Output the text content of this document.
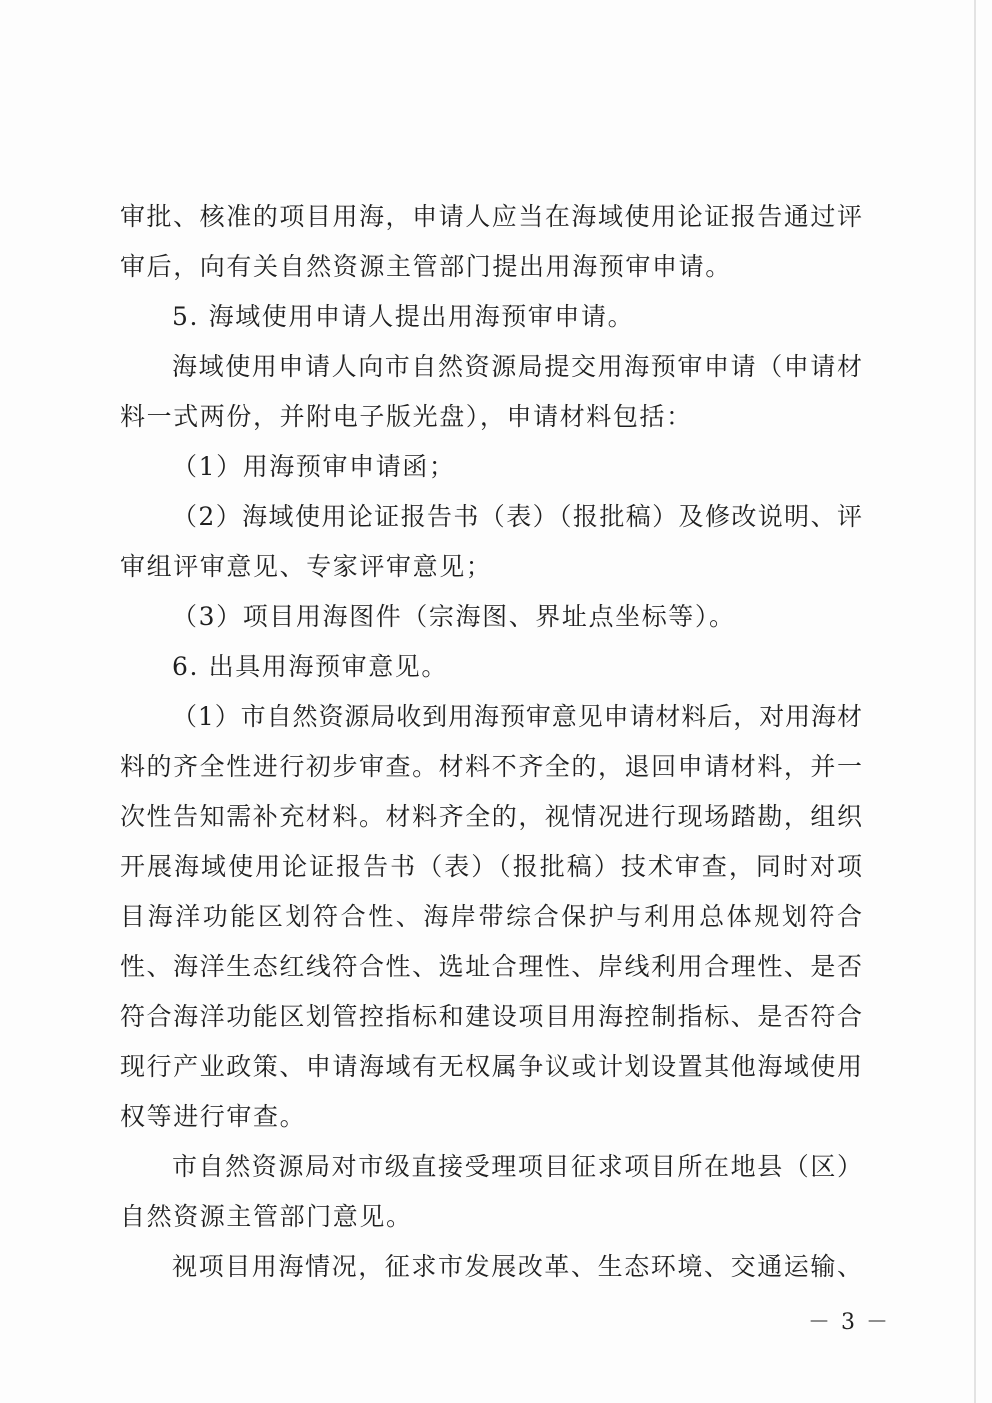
审批、核准的项目用海，申请人应当在海域使用论证报告通过评
审后，向有关自然资源主管部门提出用海预审申请。
5. 海域使用申请人提出用海预审申请。
海域使用申请人向市自然资源局提交用海预审申请（申请材
料一式两份，并附电子版光盘），申请材料包括：
（1）用海预审申请函；
（2）海域使用论证报告书（表）（报批稿）及修改说明、评
审组评审意见、专家评审意见；
（3）项目用海图件（宗海图、界址点坐标等）。
6. 出具用海预审意见。
（1）市自然资源局收到用海预审意见申请材料后，对用海材
料的齐全性进行初步审查。材料不齐全的，退回申请材料，并一
次性告知需补充材料。材料齐全的，视情况进行现场踏勘，组织
开展海域使用论证报告书（表）（报批稿）技术审查，同时对项
目海洋功能区划符合性、海岸带综合保护与利用总体规划符合
性、海洋生态红线符合性、选址合理性、岸线利用合理性、是否
符合海洋功能区划管控指标和建设项目用海控制指标、是否符合
现行产业政策、申请海域有无权属争议或计划设置其他海域使用
权等进行审查。
市自然资源局对市级直接受理项目征求项目所在地县（区）
自然资源主管部门意见。
视项目用海情况，征求市发展改革、生态环境、交通运输、
－ 3 －
